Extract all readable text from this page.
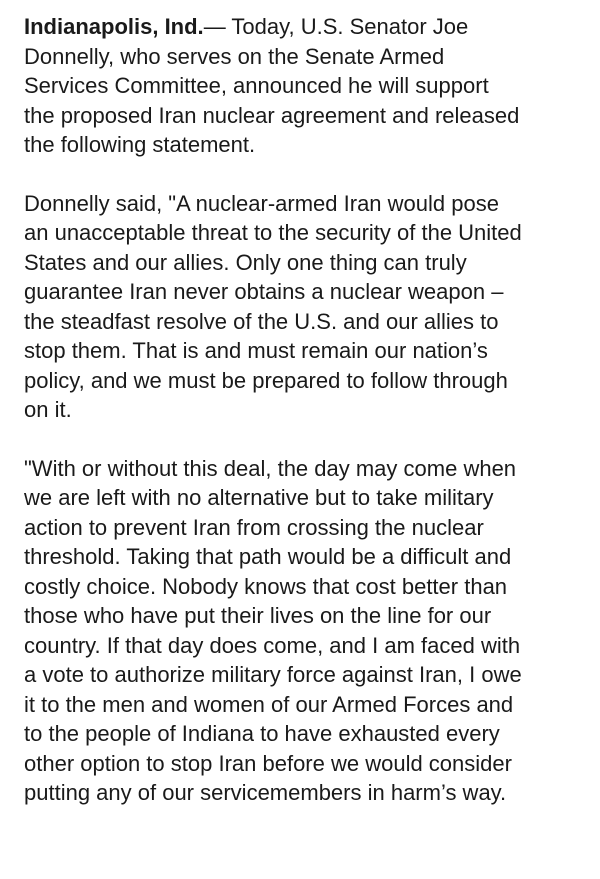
Indianapolis, Ind.— Today, U.S. Senator Joe
Donnelly, who serves on the Senate Armed
Services Committee, announced he will support
the proposed Iran nuclear agreement and released
the following statement.

Donnelly said, "A nuclear-armed Iran would pose
an unacceptable threat to the security of the United
States and our allies. Only one thing can truly
guarantee Iran never obtains a nuclear weapon –
the steadfast resolve of the U.S. and our allies to
stop them. That is and must remain our nation’s
policy, and we must be prepared to follow through
on it.

"With or without this deal, the day may come when
we are left with no alternative but to take military
action to prevent Iran from crossing the nuclear
threshold. Taking that path would be a difficult and
costly choice. Nobody knows that cost better than
those who have put their lives on the line for our
country. If that day does come, and I am faced with
a vote to authorize military force against Iran, I owe
it to the men and women of our Armed Forces and
to the people of Indiana to have exhausted every
other option to stop Iran before we would consider
putting any of our servicemembers in harm’s way.
